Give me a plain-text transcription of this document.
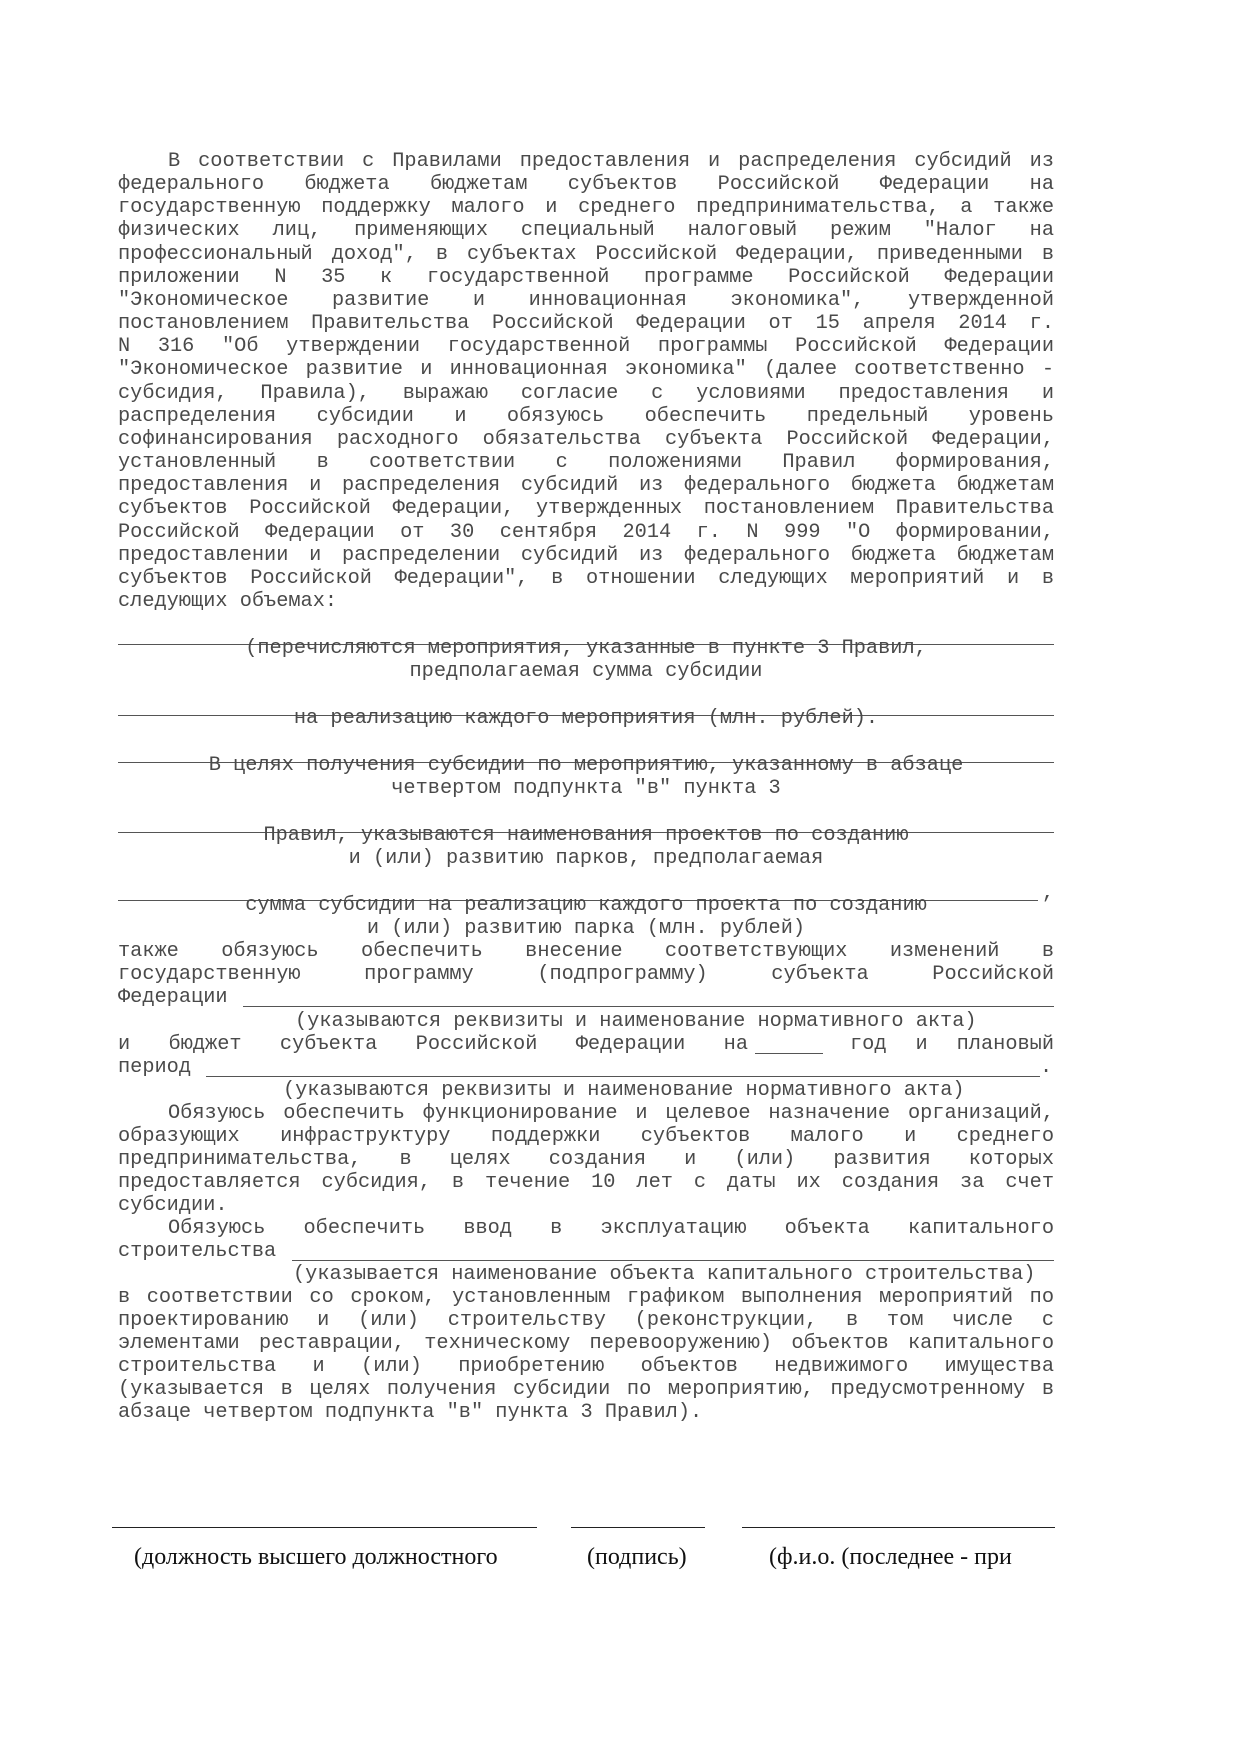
В соответствии с Правилами предоставления и распределения субсидий из
федерального бюджета бюджетам субъектов Российской Федерации на
государственную поддержку малого и среднего предпринимательства, а также
физических лиц, применяющих специальный налоговый режим "Налог на
профессиональный доход", в субъектах Российской Федерации, приведенными в
приложении N 35 к государственной программе Российской Федерации
"Экономическое развитие и инновационная экономика", утвержденной
постановлением Правительства Российской Федерации от 15 апреля 2014 г.
N 316 "Об утверждении государственной программы Российской Федерации
"Экономическое развитие и инновационная экономика" (далее соответственно -
субсидия, Правила), выражаю согласие с условиями предоставления и
распределения субсидии и обязуюсь обеспечить предельный уровень
софинансирования расходного обязательства субъекта Российской Федерации,
установленный в соответствии с положениями Правил формирования,
предоставления и распределения субсидий из федерального бюджета бюджетам
субъектов Российской Федерации, утвержденных постановлением Правительства
Российской Федерации от 30 сентября 2014 г. N 999 "О формировании,
предоставлении и распределении субсидий из федерального бюджета бюджетам
субъектов Российской Федерации", в отношении следующих мероприятий и в
следующих объемах:
(перечисляются мероприятия, указанные в пункте 3 Правил,
предполагаемая сумма субсидии
на реализацию каждого мероприятия (млн. рублей).
В целях получения субсидии по мероприятию, указанному в абзаце
четвертом подпункта "в" пункта 3
Правил, указываются наименования проектов по созданию
и (или) развитию парков, предполагаемая
,
сумма субсидии на реализацию каждого проекта по созданию
и (или) развитию парка (млн. рублей)
также обязуюсь обеспечить внесение соответствующих изменений в
государственную программу (подпрограмму) субъекта Российской
Федерации
(указываются реквизиты и наименование нормативного акта)
и бюджет субъекта Российской Федерации на	год и плановый
период	.
(указываются реквизиты и наименование нормативного акта)
Обязуюсь обеспечить функционирование и целевое назначение организаций,
образующих инфраструктуру поддержки субъектов малого и среднего
предпринимательства, в целях создания и (или) развития которых
предоставляется субсидия, в течение 10 лет с даты их создания за счет
субсидии.
Обязуюсь обеспечить ввод в эксплуатацию объекта капитального
строительства
(указывается наименование объекта капитального строительства)
в соответствии со сроком, установленным графиком выполнения мероприятий по
проектированию и (или) строительству (реконструкции, в том числе с
элементами реставрации, техническому перевооружению) объектов капитального
строительства и (или) приобретению объектов недвижимого имущества
(указывается в целях получения субсидии по мероприятию, предусмотренному в
абзаце четвертом подпункта "в" пункта 3 Правил).
(должность высшего должностного	(подпись)	(ф.и.о. (последнее - при
